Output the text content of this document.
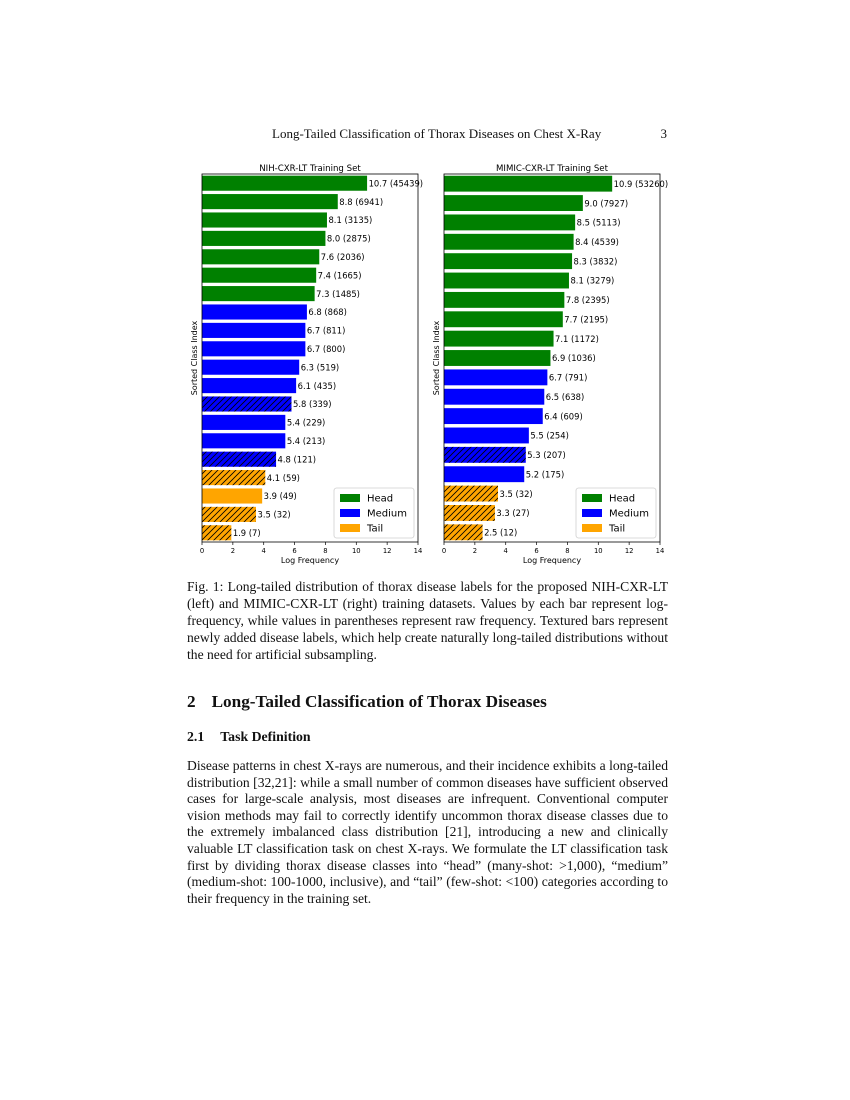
Long-Tailed Classification of Thorax Diseases on Chest X-Ray	3
10.7 (45439)
8.8 (6941)
8.1 (3135)
8.0 (2875)
7.6 (2036)
7.4 (1665)
7.3 (1485)
6.8 (868)
6.7 (811)
6.7 (800)
6.3 (519)
6.1 (435)
5.8 (339)
5.4 (229)
5.4 (213)
4.8 (121)
4.1 (59)
3.9 (49)
3.5 (32)
1.9 (7)
0	2	4	6	8	10	12	14
NIH-CXR-LT Training Set
Log Frequency
Sorted Class Index
Head
Medium
Tail
10.9 (53260)
9.0 (7927)
8.5 (5113)
8.4 (4539)
8.3 (3832)
8.1 (3279)
7.8 (2395)
7.7 (2195)
7.1 (1172)
6.9 (1036)
6.7 (791)
6.5 (638)
6.4 (609)
5.5 (254)
5.3 (207)
5.2 (175)
3.5 (32)
3.3 (27)
2.5 (12)
0	2	4	6	8	10	12	14
MIMIC-CXR-LT Training Set
Log Frequency
Sorted Class Index
Head
Medium
Tail
Fig. 1: Long-tailed distribution of thorax disease labels for the proposed NIH-CXR-LT (left) and MIMIC-CXR-LT (right) training datasets. Values by each bar represent log-frequency, while values in parentheses represent raw frequency. Textured bars represent newly added disease labels, which help create naturally long-tailed distributions without the need for artificial subsampling.
2 Long-Tailed Classification of Thorax Diseases
2.1 Task Definition
Disease patterns in chest X-rays are numerous, and their incidence exhibits a long-tailed distribution [32,21]: while a small number of common diseases have sufficient observed cases for large-scale analysis, most diseases are infrequent. Conventional computer vision methods may fail to correctly identify uncommon thorax disease classes due to the extremely imbalanced class distribution [21], introducing a new and clinically valuable LT classification task on chest X-rays. We formulate the LT classification task first by dividing thorax disease classes into “head” (many-shot: >1,000), “medium” (medium-shot: 100-1000, inclusive), and “tail” (few-shot: <100) categories according to their frequency in the training set.
